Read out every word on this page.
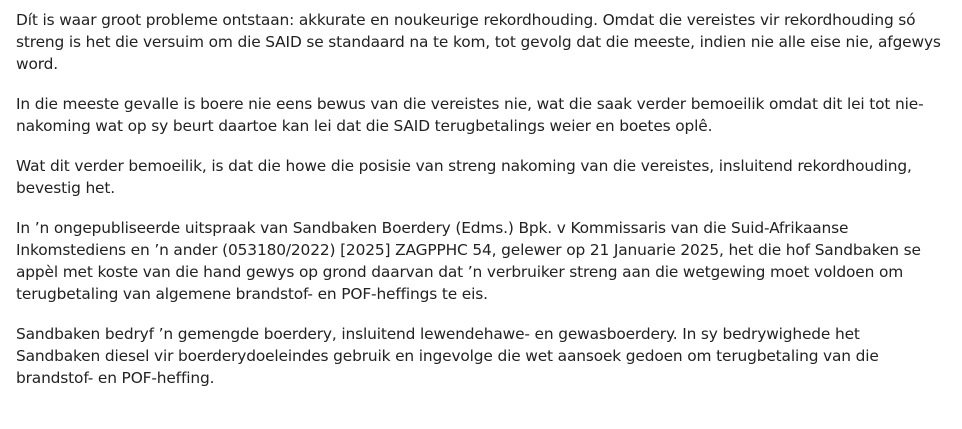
Dít is waar groot probleme ontstaan: akkurate en noukeurige rekordhouding. Omdat die vereistes vir rekordhouding só streng is het die versuim om die SAID se standaard na te kom, tot gevolg dat die meeste, indien nie alle eise nie, afgewys word.

In die meeste gevalle is boere nie eens bewus van die vereistes nie, wat die saak verder bemoeilik omdat dit lei tot nie-nakoming wat op sy beurt daartoe kan lei dat die SAID terugbetalings weier en boetes oplê.

Wat dit verder bemoeilik, is dat die howe die posisie van streng nakoming van die vereistes, insluitend rekordhouding, bevestig het.

In ’n ongepubliseerde uitspraak van Sandbaken Boerdery (Edms.) Bpk. v Kommissaris van die Suid-Afrikaanse Inkomstediens en ’n ander (053180/2022) [2025] ZAGPPHC 54, gelewer op 21 Januarie 2025, het die hof Sandbaken se appèl met koste van die hand gewys op grond daarvan dat ’n verbruiker streng aan die wetgewing moet voldoen om terugbetaling van algemene brandstof- en POF-heffings te eis.

Sandbaken bedryf ’n gemengde boerdery, insluitend lewendehawe- en gewasboerdery. In sy bedrywighede het Sandbaken diesel vir boerderydoeleindes gebruik en ingevolge die wet aansoek gedoen om terugbetaling van die brandstof- en POF-heffing.
